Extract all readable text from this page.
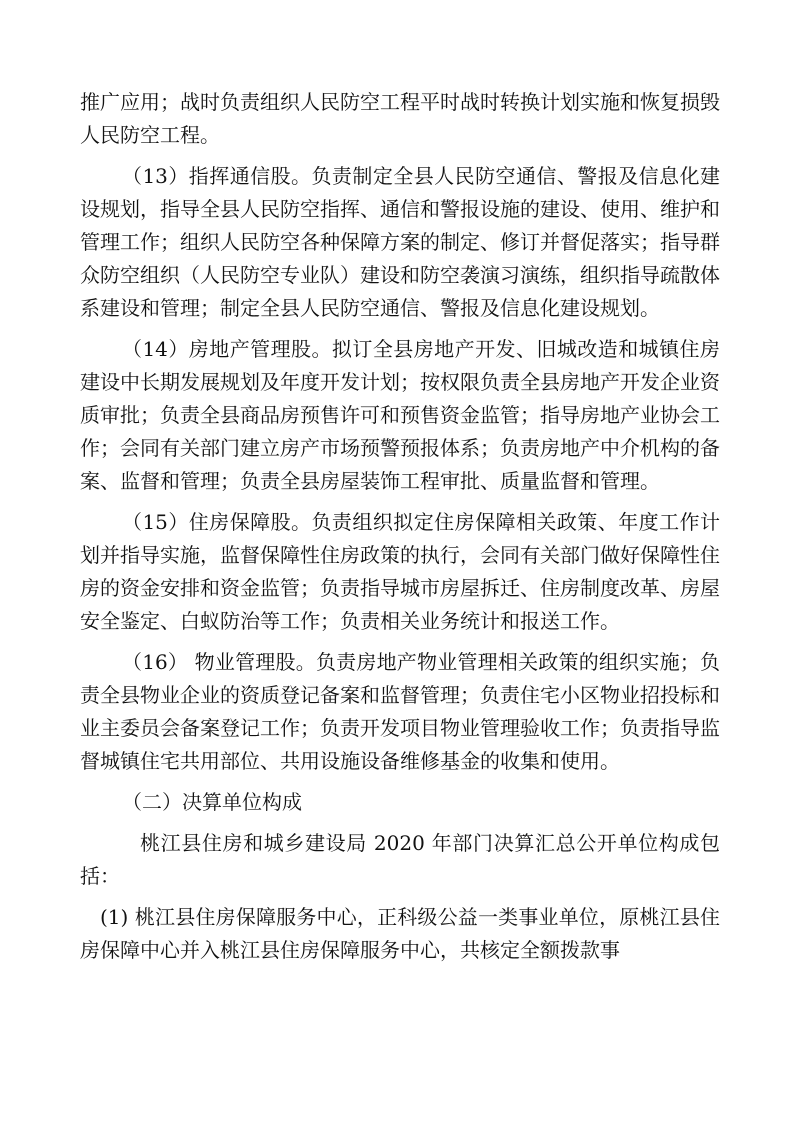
推广应用；战时负责组织人民防空工程平时战时转换计划实施和恢复损毁人民防空工程。

（13）指挥通信股。负责制定全县人民防空通信、警报及信息化建设规划，指导全县人民防空指挥、通信和警报设施的建设、使用、维护和管理工作；组织人民防空各种保障方案的制定、修订并督促落实；指导群众防空组织（人民防空专业队）建设和防空袭演习演练，组织指导疏散体系建设和管理；制定全县人民防空通信、警报及信息化建设规划。

（14）房地产管理股。拟订全县房地产开发、旧城改造和城镇住房建设中长期发展规划及年度开发计划；按权限负责全县房地产开发企业资质审批；负责全县商品房预售许可和预售资金监管；指导房地产业协会工作；会同有关部门建立房产市场预警预报体系；负责房地产中介机构的备案、监督和管理；负责全县房屋装饰工程审批、质量监督和管理。

（15）住房保障股。负责组织拟定住房保障相关政策、年度工作计划并指导实施，监督保障性住房政策的执行，会同有关部门做好保障性住房的资金安排和资金监管；负责指导城市房屋拆迁、住房制度改革、房屋安全鉴定、白蚁防治等工作；负责相关业务统计和报送工作。

（16） 物业管理股。负责房地产物业管理相关政策的组织实施；负责全县物业企业的资质登记备案和监督管理；负责住宅小区物业招投标和业主委员会备案登记工作；负责开发项目物业管理验收工作；负责指导监督城镇住宅共用部位、共用设施设备维修基金的收集和使用。

（二）决算单位构成

桃江县住房和城乡建设局 2020 年部门决算汇总公开单位构成包括：

(1) 桃江县住房保障服务中心，正科级公益一类事业单位，原桃江县住房保障中心并入桃江县住房保障服务中心，共核定全额拨款事
